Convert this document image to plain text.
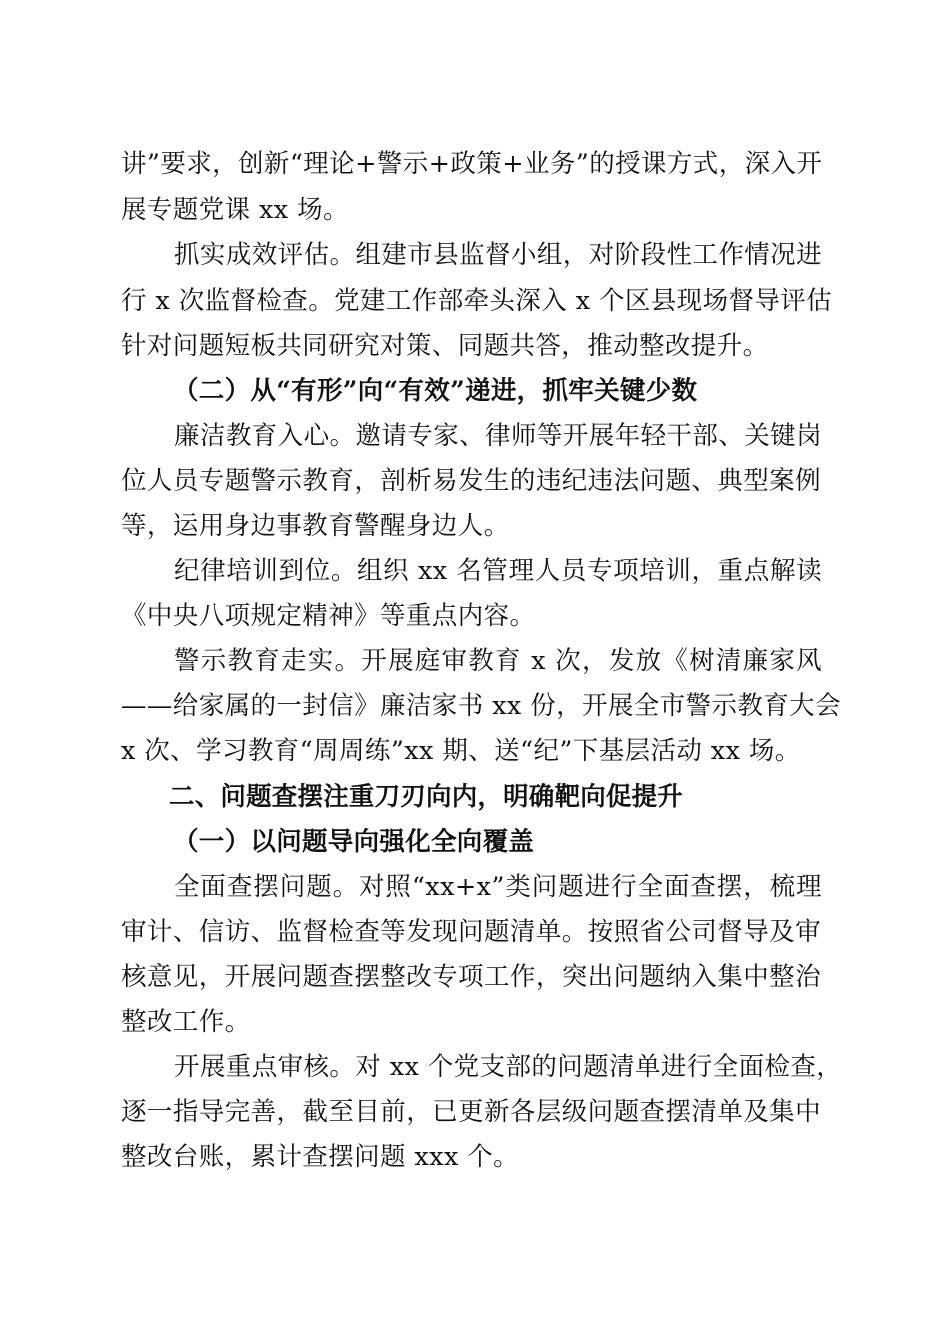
讲”要求，创新“理论+警示+政策+业务”的授课方式，深入开
展专题党课 xx 场。
抓实成效评估。组建市县监督小组，对阶段性工作情况进
行 x 次监督检查。党建工作部牵头深入 x 个区县现场督导评估
针对问题短板共同研究对策、同题共答，推动整改提升。
（二）从“有形”向“有效”递进，抓牢关键少数
廉洁教育入心。邀请专家、律师等开展年轻干部、关键岗
位人员专题警示教育，剖析易发生的违纪违法问题、典型案例
等，运用身边事教育警醒身边人。
纪律培训到位。组织 xx 名管理人员专项培训，重点解读
《中央八项规定精神》等重点内容。
警示教育走实。开展庭审教育 x 次，发放《树清廉家风
——给家属的一封信》廉洁家书 xx 份，开展全市警示教育大会
x 次、学习教育“周周练”xx 期、送“纪”下基层活动 xx 场。
二、问题查摆注重刀刃向内，明确靶向促提升
（一）以问题导向强化全向覆盖
全面查摆问题。对照“xx+x”类问题进行全面查摆，梳理
审计、信访、监督检查等发现问题清单。按照省公司督导及审
核意见，开展问题查摆整改专项工作，突出问题纳入集中整治
整改工作。
开展重点审核。对 xx 个党支部的问题清单进行全面检查，
逐一指导完善，截至目前，已更新各层级问题查摆清单及集中
整改台账，累计查摆问题 xxx 个。
